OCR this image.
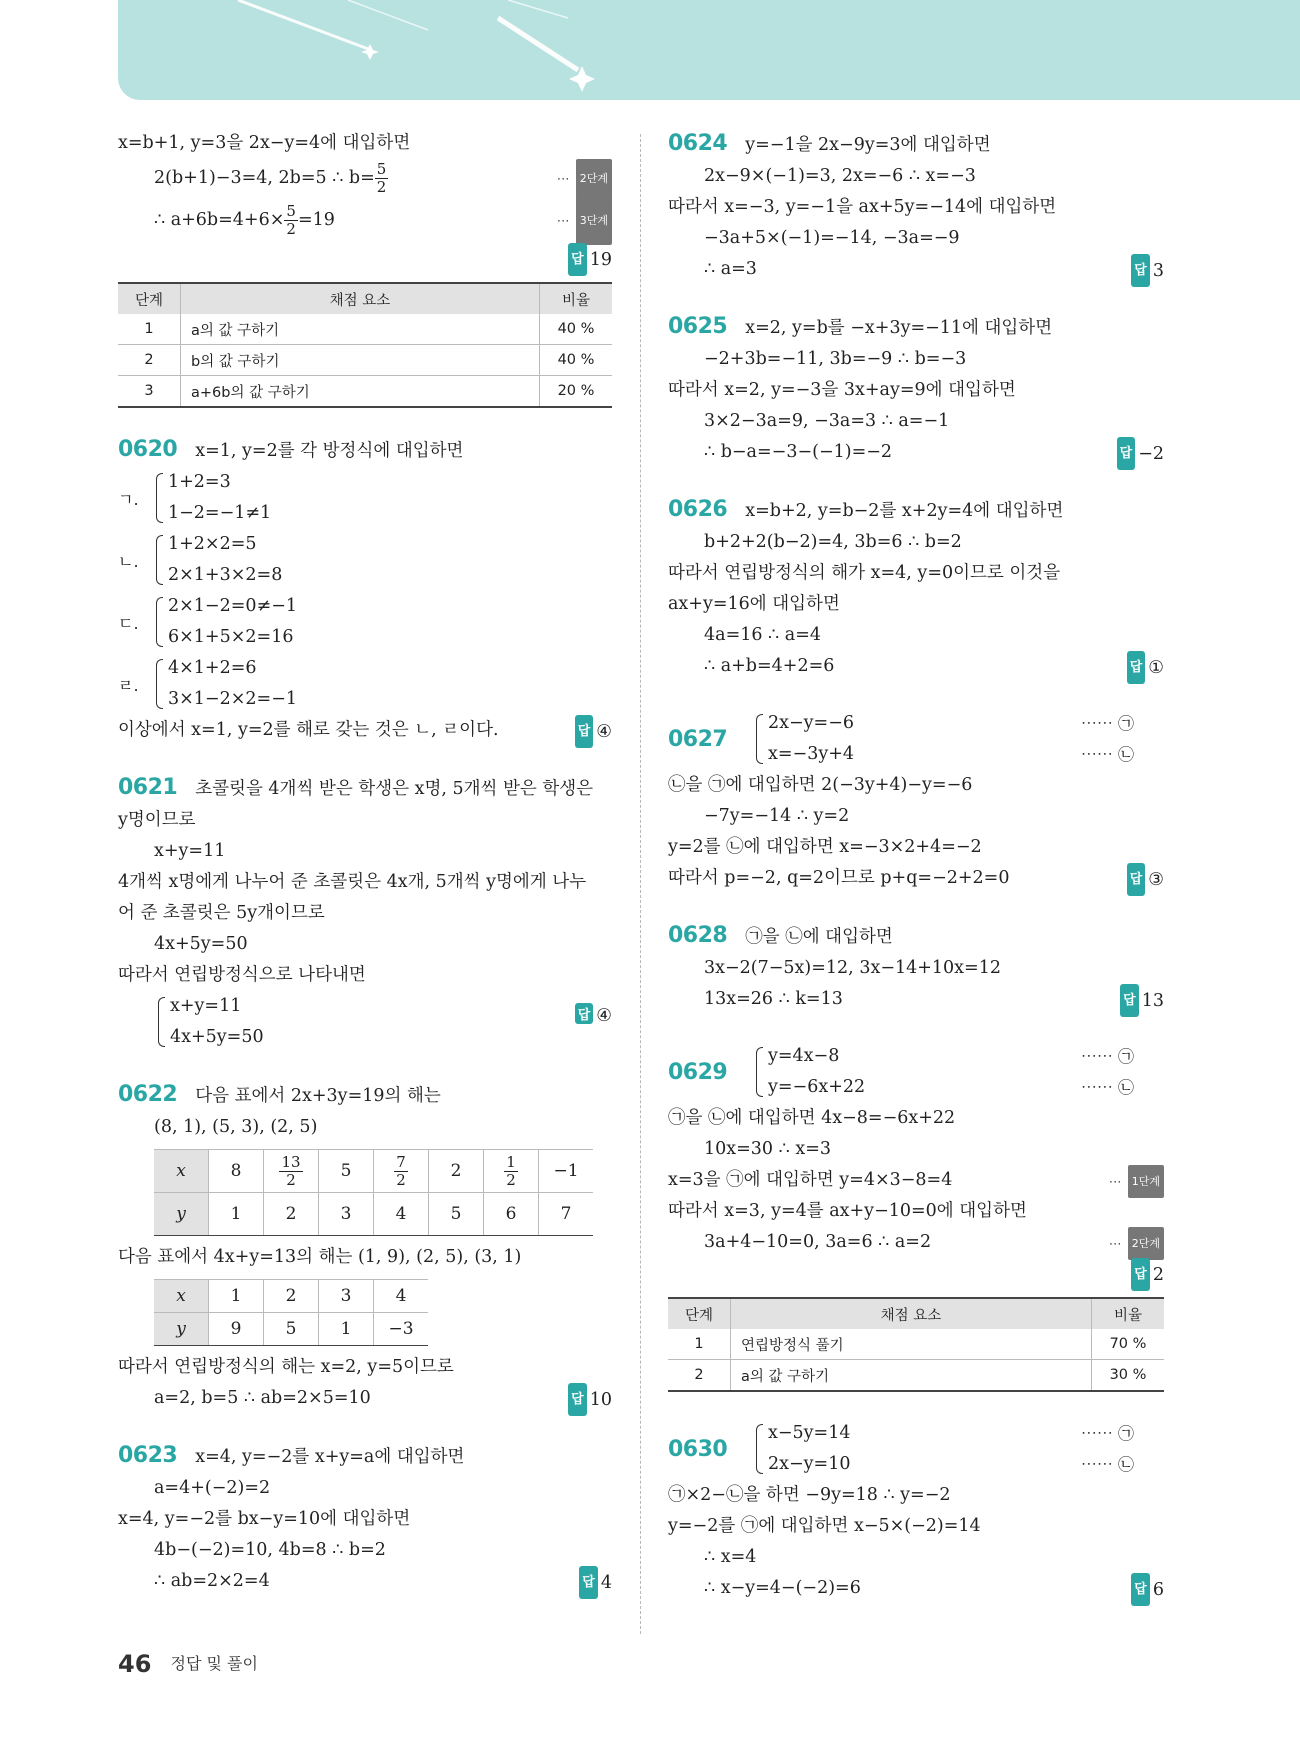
x=b+1, y=3을 2x−y=4에 대입하면
2(b+1)−3=4, 2b=5 ∴ $b= \frac{5}{2}$	⋯ 2단계
∴ $a+6b=4+6\times \frac{5}{2} =19$	⋯ 3단계
답 19
단계	채점 요소	비율
1	a의 값 구하기	40 %
2	b의 값 구하기	40 %
3	a+6b의 값 구하기	20 %
0620 x=1, y=2를 각 방정식에 대입하면
ㄱ.
1+2=3
1−2=−1≠1
ㄴ.
1+2×2=5
2×1+3×2=8
ㄷ.
2×1−2=0≠−1
6×1+5×2=16
ㄹ.
4×1+2=6
3×1−2×2=−1
이상에서 x=1, y=2를 해로 갖는 것은 ㄴ, ㄹ이다.	답 ④
0621 초콜릿을 4개씩 받은 학생은 x명, 5개씩 받은 학생은
y명이므로
x+y=11
4개씩 x명에게 나누어 준 초콜릿은 4x개, 5개씩 y명에게 나누
어 준 초콜릿은 5y개이므로
4x+5y=50
따라서 연립방정식으로 나타내면
x+y=11
4x+5y=50
답 ④
0622 다음 표에서 2x+3y=19의 해는
(8, 1), (5, 3), (2, 5)
x	8	$\frac{13}{2}$	5	$\frac{7}{2}$	2	$\frac{1}{2}$	−1
y	1	2	3	4	5	6	7
다음 표에서 4x+y=13의 해는 (1, 9), (2, 5), (3, 1)
x	1	2	3	4
y	9	5	1	−3
따라서 연립방정식의 해는 x=2, y=5이므로
a=2, b=5 ∴ ab=2×5=10	답 10
0623 x=4, y=−2를 x+y=a에 대입하면
a=4+(−2)=2
x=4, y=−2를 bx−y=10에 대입하면
4b−(−2)=10, 4b=8 ∴ b=2
∴ ab=2×2=4	답 4
0624 y=−1을 2x−9y=3에 대입하면
2x−9×(−1)=3, 2x=−6 ∴ x=−3
따라서 x=−3, y=−1을 ax+5y=−14에 대입하면
−3a+5×(−1)=−14, −3a=−9
∴ a=3	답 3
0625 x=2, y=b를 −x+3y=−11에 대입하면
−2+3b=−11, 3b=−9 ∴ b=−3
따라서 x=2, y=−3을 3x+ay=9에 대입하면
3×2−3a=9, −3a=3 ∴ a=−1
∴ b−a=−3−(−1)=−2	답 −2
0626 x=b+2, y=b−2를 x+2y=4에 대입하면
b+2+2(b−2)=4, 3b=6 ∴ b=2
따라서 연립방정식의 해가 x=4, y=0이므로 이것을
ax+y=16에 대입하면
4a=16 ∴ a=4
∴ a+b=4+2=6	답 ①
0627
2x−y=−6
x=−3y+4
⋯⋯ ㉠
⋯⋯ ㉡
㉡을 ㉠에 대입하면 2(−3y+4)−y=−6
−7y=−14 ∴ y=2
y=2를 ㉡에 대입하면 x=−3×2+4=−2
따라서 p=−2, q=2이므로 p+q=−2+2=0	답 ③
0628 ㉠을 ㉡에 대입하면
3x−2(7−5x)=12, 3x−14+10x=12
13x=26 ∴ k=13	답 13
0629
y=4x−8
y=−6x+22
⋯⋯ ㉠
⋯⋯ ㉡
㉠을 ㉡에 대입하면 4x−8=−6x+22
10x=30 ∴ x=3
x=3을 ㉠에 대입하면 y=4×3−8=4	⋯ 1단계
따라서 x=3, y=4를 ax+y−10=0에 대입하면
3a+4−10=0, 3a=6 ∴ a=2	⋯ 2단계
답 2
단계	채점 요소	비율
1	연립방정식 풀기	70 %
2	a의 값 구하기	30 %
0630
x−5y=14
2x−y=10
⋯⋯ ㉠
⋯⋯ ㉡
㉠×2−㉡을 하면 −9y=18 ∴ y=−2
y=−2를 ㉠에 대입하면 x−5×(−2)=14
∴ x=4
∴ x−y=4−(−2)=6	답 6
46 정답 및 풀이
